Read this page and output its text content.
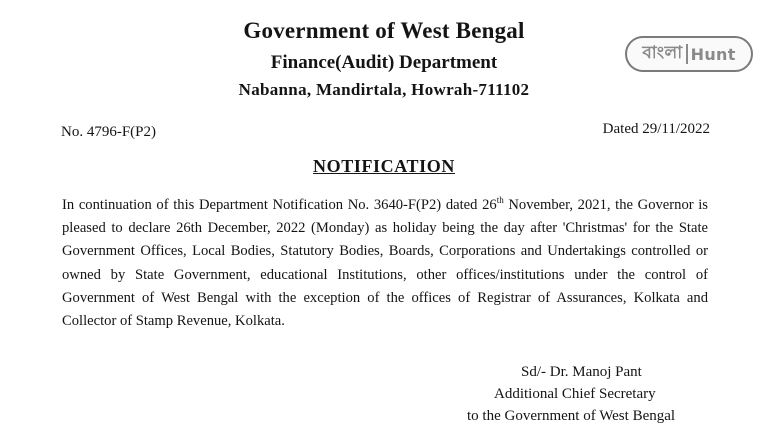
Government of West Bengal
Finance(Audit) Department
Nabanna, Mandirtala, Howrah-711102
বাংলা Hunt
No. 4796-F(P2)	Dated 29/11/2022
NOTIFICATION
In continuation of this Department Notification No. 3640-F(P2) dated 26th November, 2021, the Governor is pleased to declare 26th December, 2022 (Monday) as holiday being the day after 'Christmas' for the State Government Offices, Local Bodies, Statutory Bodies, Boards, Corporations and Undertakings controlled or owned by State Government, educational Institutions, other offices/institutions under the control of Government of West Bengal with the exception of the offices of Registrar of Assurances, Kolkata and Collector of Stamp Revenue, Kolkata.
Sd/- Dr. Manoj Pant
Additional Chief Secretary
to the Government of West Bengal
